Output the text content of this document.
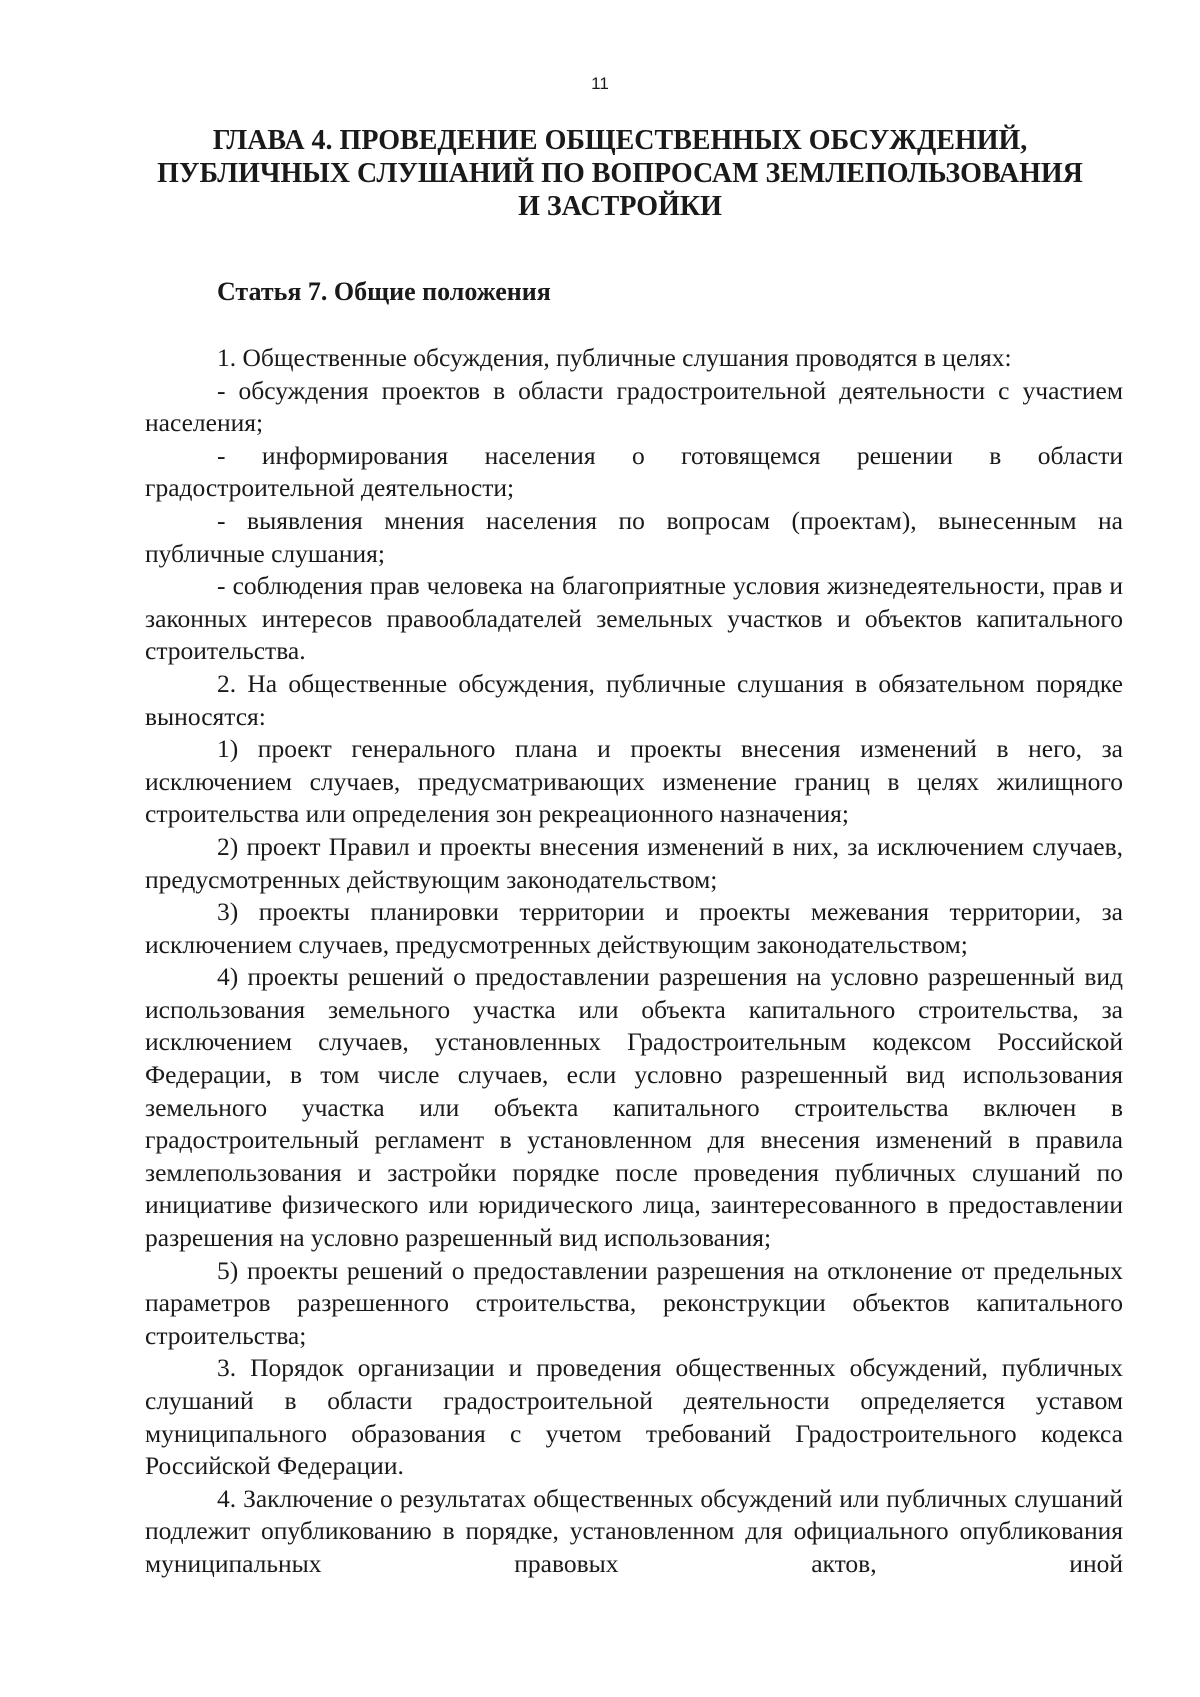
11
ГЛАВА 4. ПРОВЕДЕНИЕ ОБЩЕСТВЕННЫХ ОБСУЖДЕНИЙ,
ПУБЛИЧНЫХ СЛУШАНИЙ ПО ВОПРОСАМ ЗЕМЛЕПОЛЬЗОВАНИЯ
И ЗАСТРОЙКИ
Статья 7. Общие положения

1. Общественные обсуждения, публичные слушания проводятся в целях:

- обсуждения проектов в области градостроительной деятельности с участием населения;

- информирования населения о готовящемся решении в области градостроительной деятельности;

- выявления мнения населения по вопросам (проектам), вынесенным на публичные слушания;

- соблюдения прав человека на благоприятные условия жизнедеятельности, прав и законных интересов правообладателей земельных участков и объектов капитального строительства.

2. На общественные обсуждения, публичные слушания в обязательном порядке выносятся:

1) проект генерального плана и проекты внесения изменений в него, за исключением случаев, предусматривающих изменение границ в целях жилищного строительства или определения зон рекреационного назначения;

2) проект Правил и проекты внесения изменений в них, за исключением случаев, предусмотренных действующим законодательством;

3) проекты планировки территории и проекты межевания территории, за исключением случаев, предусмотренных действующим законодательством;

4) проекты решений о предоставлении разрешения на условно разрешенный вид использования земельного участка или объекта капитального строительства, за исключением случаев, установленных Градостроительным кодексом Российской Федерации, в том числе случаев, если условно разрешенный вид использования земельного участка или объекта капитального строительства включен в градостроительный регламент в установленном для внесения изменений в правила землепользования и застройки порядке после проведения публичных слушаний по инициативе физического или юридического лица, заинтересованного в предоставлении разрешения на условно разрешенный вид использования;

5) проекты решений о предоставлении разрешения на отклонение от предельных параметров разрешенного строительства, реконструкции объектов капитального строительства;

3. Порядок организации и проведения общественных обсуждений, публичных слушаний в области градостроительной деятельности определяется уставом муниципального образования с учетом требований Градостроительного кодекса Российской Федерации.

4. Заключение о результатах общественных обсуждений или публичных слушаний подлежит опубликованию в порядке, установленном для официального опубликования муниципальных правовых актов, иной
